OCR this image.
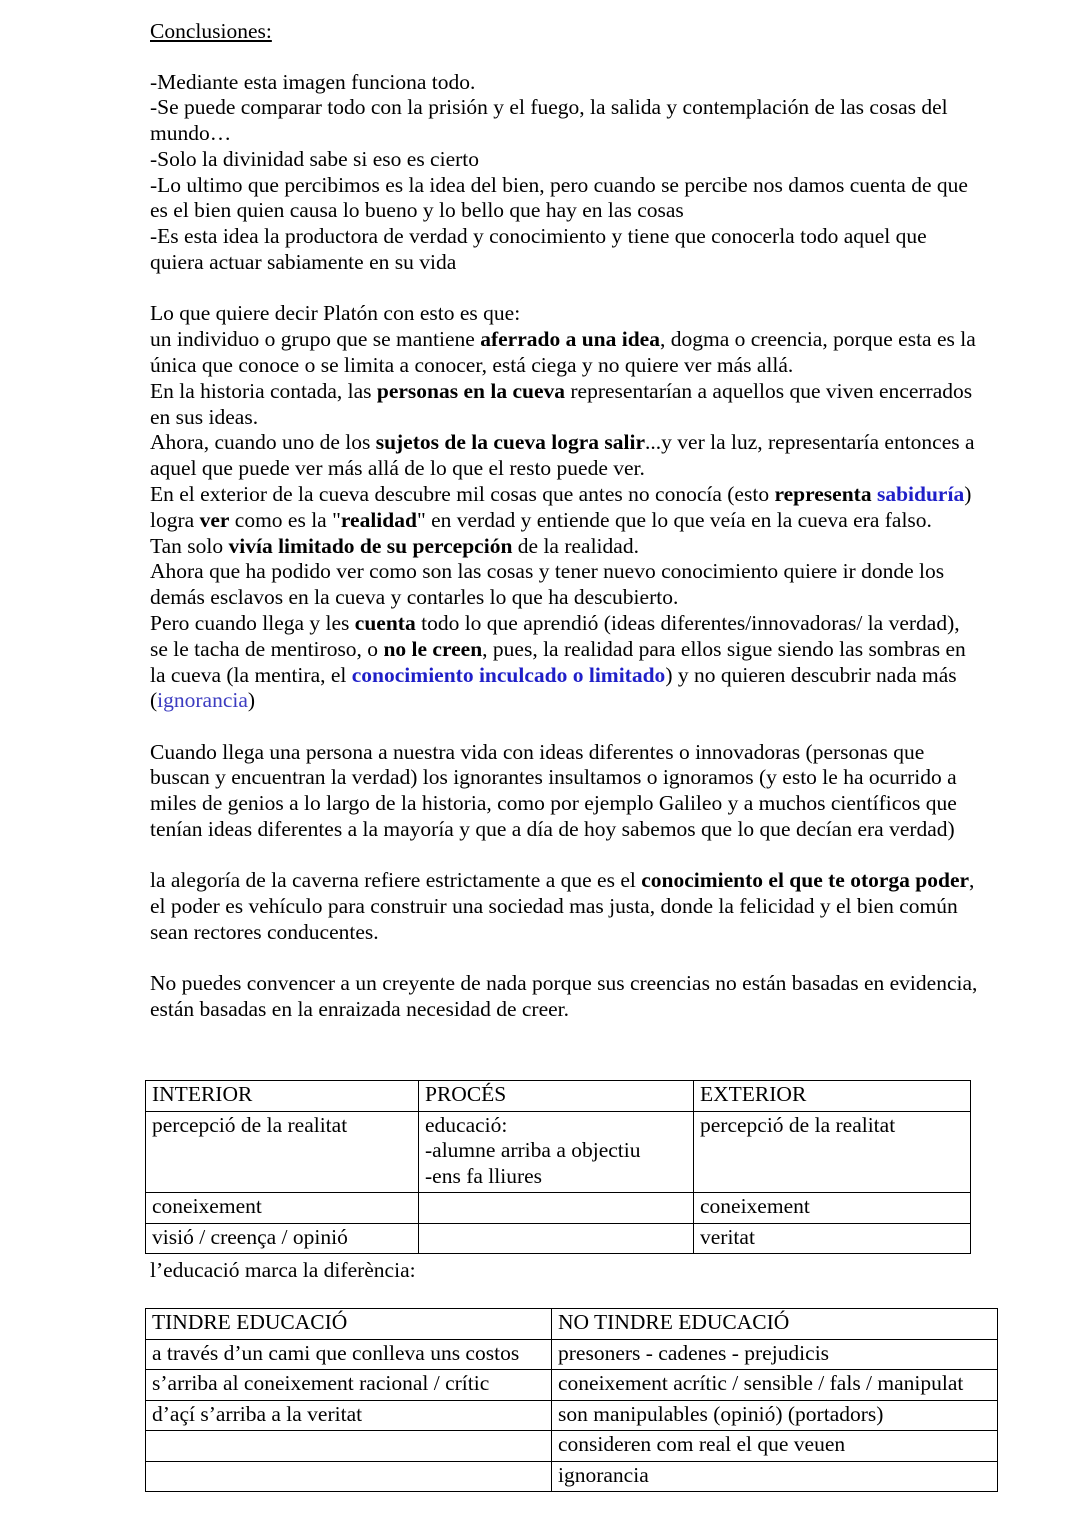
Conclusiones:
-Mediante esta imagen funciona todo.
-Se puede comparar todo con la prisión y el fuego, la salida y contemplación de las cosas del mundo…
-Solo la divinidad sabe si eso es cierto
-Lo ultimo que percibimos es la idea del bien, pero cuando se percibe nos damos cuenta de que es el bien quien causa lo bueno y lo bello que hay en las cosas
-Es esta idea la productora de verdad y conocimiento y tiene que conocerla todo aquel que quiera actuar sabiamente en su vida
Lo que quiere decir Platón con esto es que:
un individuo o grupo que se mantiene aferrado a una idea, dogma o creencia, porque esta es la única que conoce o se limita a conocer, está ciega y no quiere ver más allá.
En la historia contada, las personas en la cueva representarían a aquellos que viven encerrados en sus ideas.
Ahora, cuando uno de los sujetos de la cueva logra salir...y ver la luz, representaría entonces a aquel que puede ver más allá de lo que el resto puede ver.
En el exterior de la cueva descubre mil cosas que antes no conocía (esto representa sabiduría) logra ver como es la "realidad" en verdad y entiende que lo que veía en la cueva era falso.
Tan solo vivía limitado de su percepción de la realidad.
Ahora que ha podido ver como son las cosas y tener nuevo conocimiento quiere ir donde los demás esclavos en la cueva y contarles lo que ha descubierto.
Pero cuando llega y les cuenta todo lo que aprendió (ideas diferentes/innovadoras/ la verdad), se le tacha de mentiroso, o no le creen, pues, la realidad para ellos sigue siendo las sombras en la cueva (la mentira, el conocimiento inculcado o limitado) y no quieren descubrir nada más (ignorancia)
Cuando llega una persona a nuestra vida con ideas diferentes o innovadoras (personas que buscan y encuentran la verdad) los ignorantes insultamos o ignoramos (y esto le ha ocurrido a miles de genios a lo largo de la historia, como por ejemplo Galileo y a muchos científicos que tenían ideas diferentes a la mayoría y que a día de hoy sabemos que lo que decían era verdad)
la alegoría de la caverna refiere estrictamente a que es el conocimiento el que te otorga poder, el poder es vehículo para construir una sociedad mas justa, donde la felicidad y el bien común sean rectores conducentes.
No puedes convencer a un creyente de nada porque sus creencias no están basadas en evidencia, están basadas en la enraizada necesidad de creer.
INTERIOR	PROCÉS	EXTERIOR
percepció de la realitat	educació:
-alumne arriba a objectiu
-ens fa lliures	percepció de la realitat
coneixement		coneixement
visió / creença / opinió		veritat
l’educació marca la diferència:
TINDRE EDUCACIÓ	NO TINDRE EDUCACIÓ
a través d’un cami que conlleva uns costos	presoners - cadenes - prejudicis
s’arriba al coneixement racional / crític	coneixement acrític / sensible / fals / manipulat
d’açí s’arriba a la veritat	son manipulables (opinió) (portadors)
	consideren com real el que veuen
	ignorancia
